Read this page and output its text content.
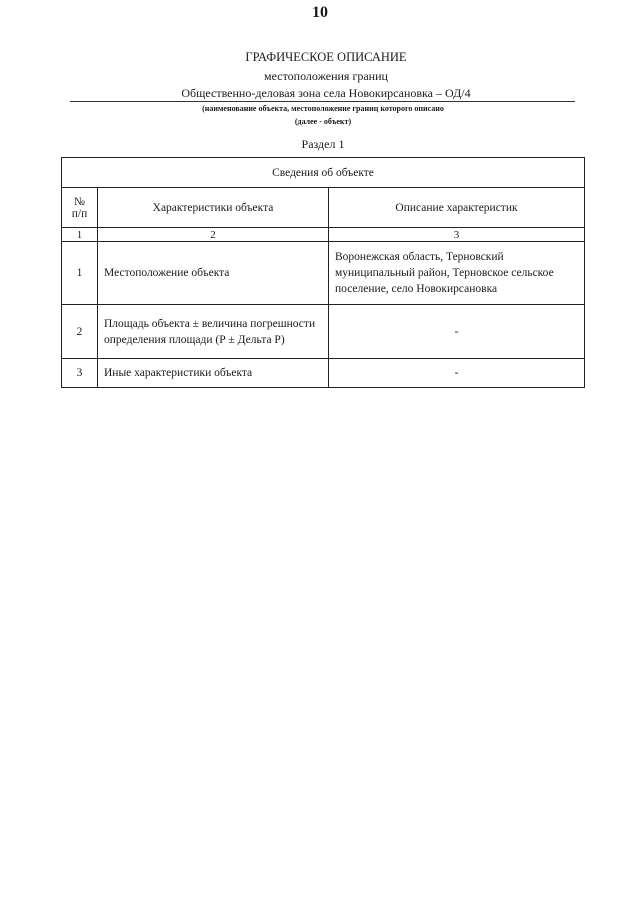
10
ГРАФИЧЕСКОЕ ОПИСАНИЕ
местоположения границ
Общественно-деловая зона села Новокирсановка – ОД/4
(наименование объекта, местоположение границ которого описано
(далее - объект)
Раздел 1
Сведения об объекте		
№ п/п	Характеристики объекта	Описание характеристик
1	2	3
1	Местоположение объекта	Воронежская область, Терновский муниципальный район, Терновское сельское поселение, село Новокирсановка
2	Площадь объекта ± величина погрешности определения площади (Р ± Дельта Р)	-
3	Иные характеристики объекта	-
